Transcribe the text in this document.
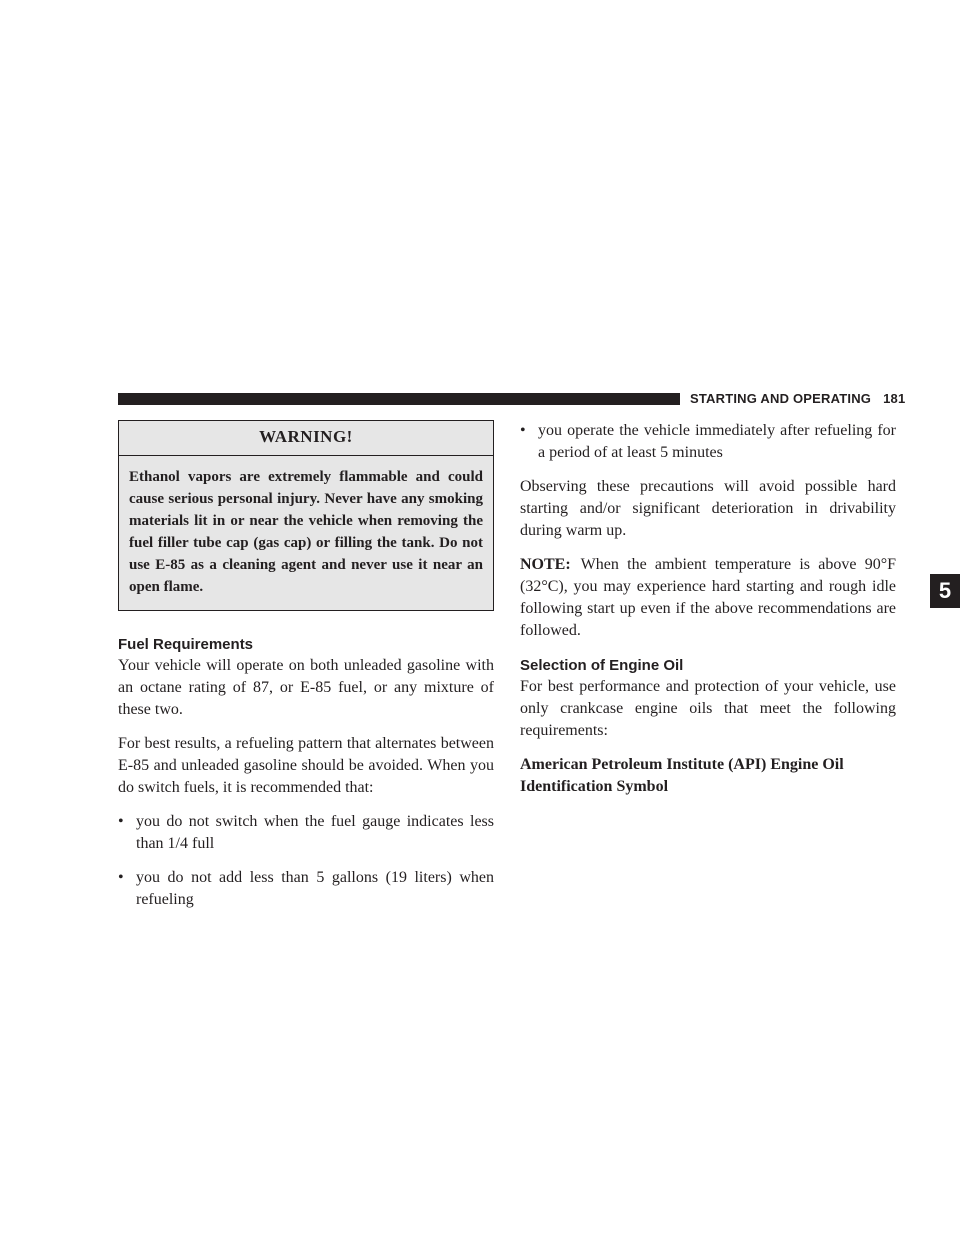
STARTING AND OPERATING 181
WARNING!
Ethanol vapors are extremely flammable and could cause serious personal injury. Never have any smoking materials lit in or near the vehicle when removing the fuel filler tube cap (gas cap) or filling the tank. Do not use E-85 as a cleaning agent and never use it near an open flame.
Fuel Requirements

Your vehicle will operate on both unleaded gasoline with an octane rating of 87, or E-85 fuel, or any mixture of these two.

For best results, a refueling pattern that alternates between E-85 and unleaded gasoline should be avoided. When you do switch fuels, it is recommended that:

• you do not switch when the fuel gauge indicates less than 1/4 full
• you do not add less than 5 gallons (19 liters) when refueling
• you operate the vehicle immediately after refueling for a period of at least 5 minutes

Observing these precautions will avoid possible hard starting and/or significant deterioration in drivability during warm up.

NOTE: When the ambient temperature is above 90°F (32°C), you may experience hard starting and rough idle following start up even if the above recommendations are followed.

Selection of Engine Oil

For best performance and protection of your vehicle, use only crankcase engine oils that meet the following requirements:

American Petroleum Institute (API) Engine Oil Identification Symbol

5
